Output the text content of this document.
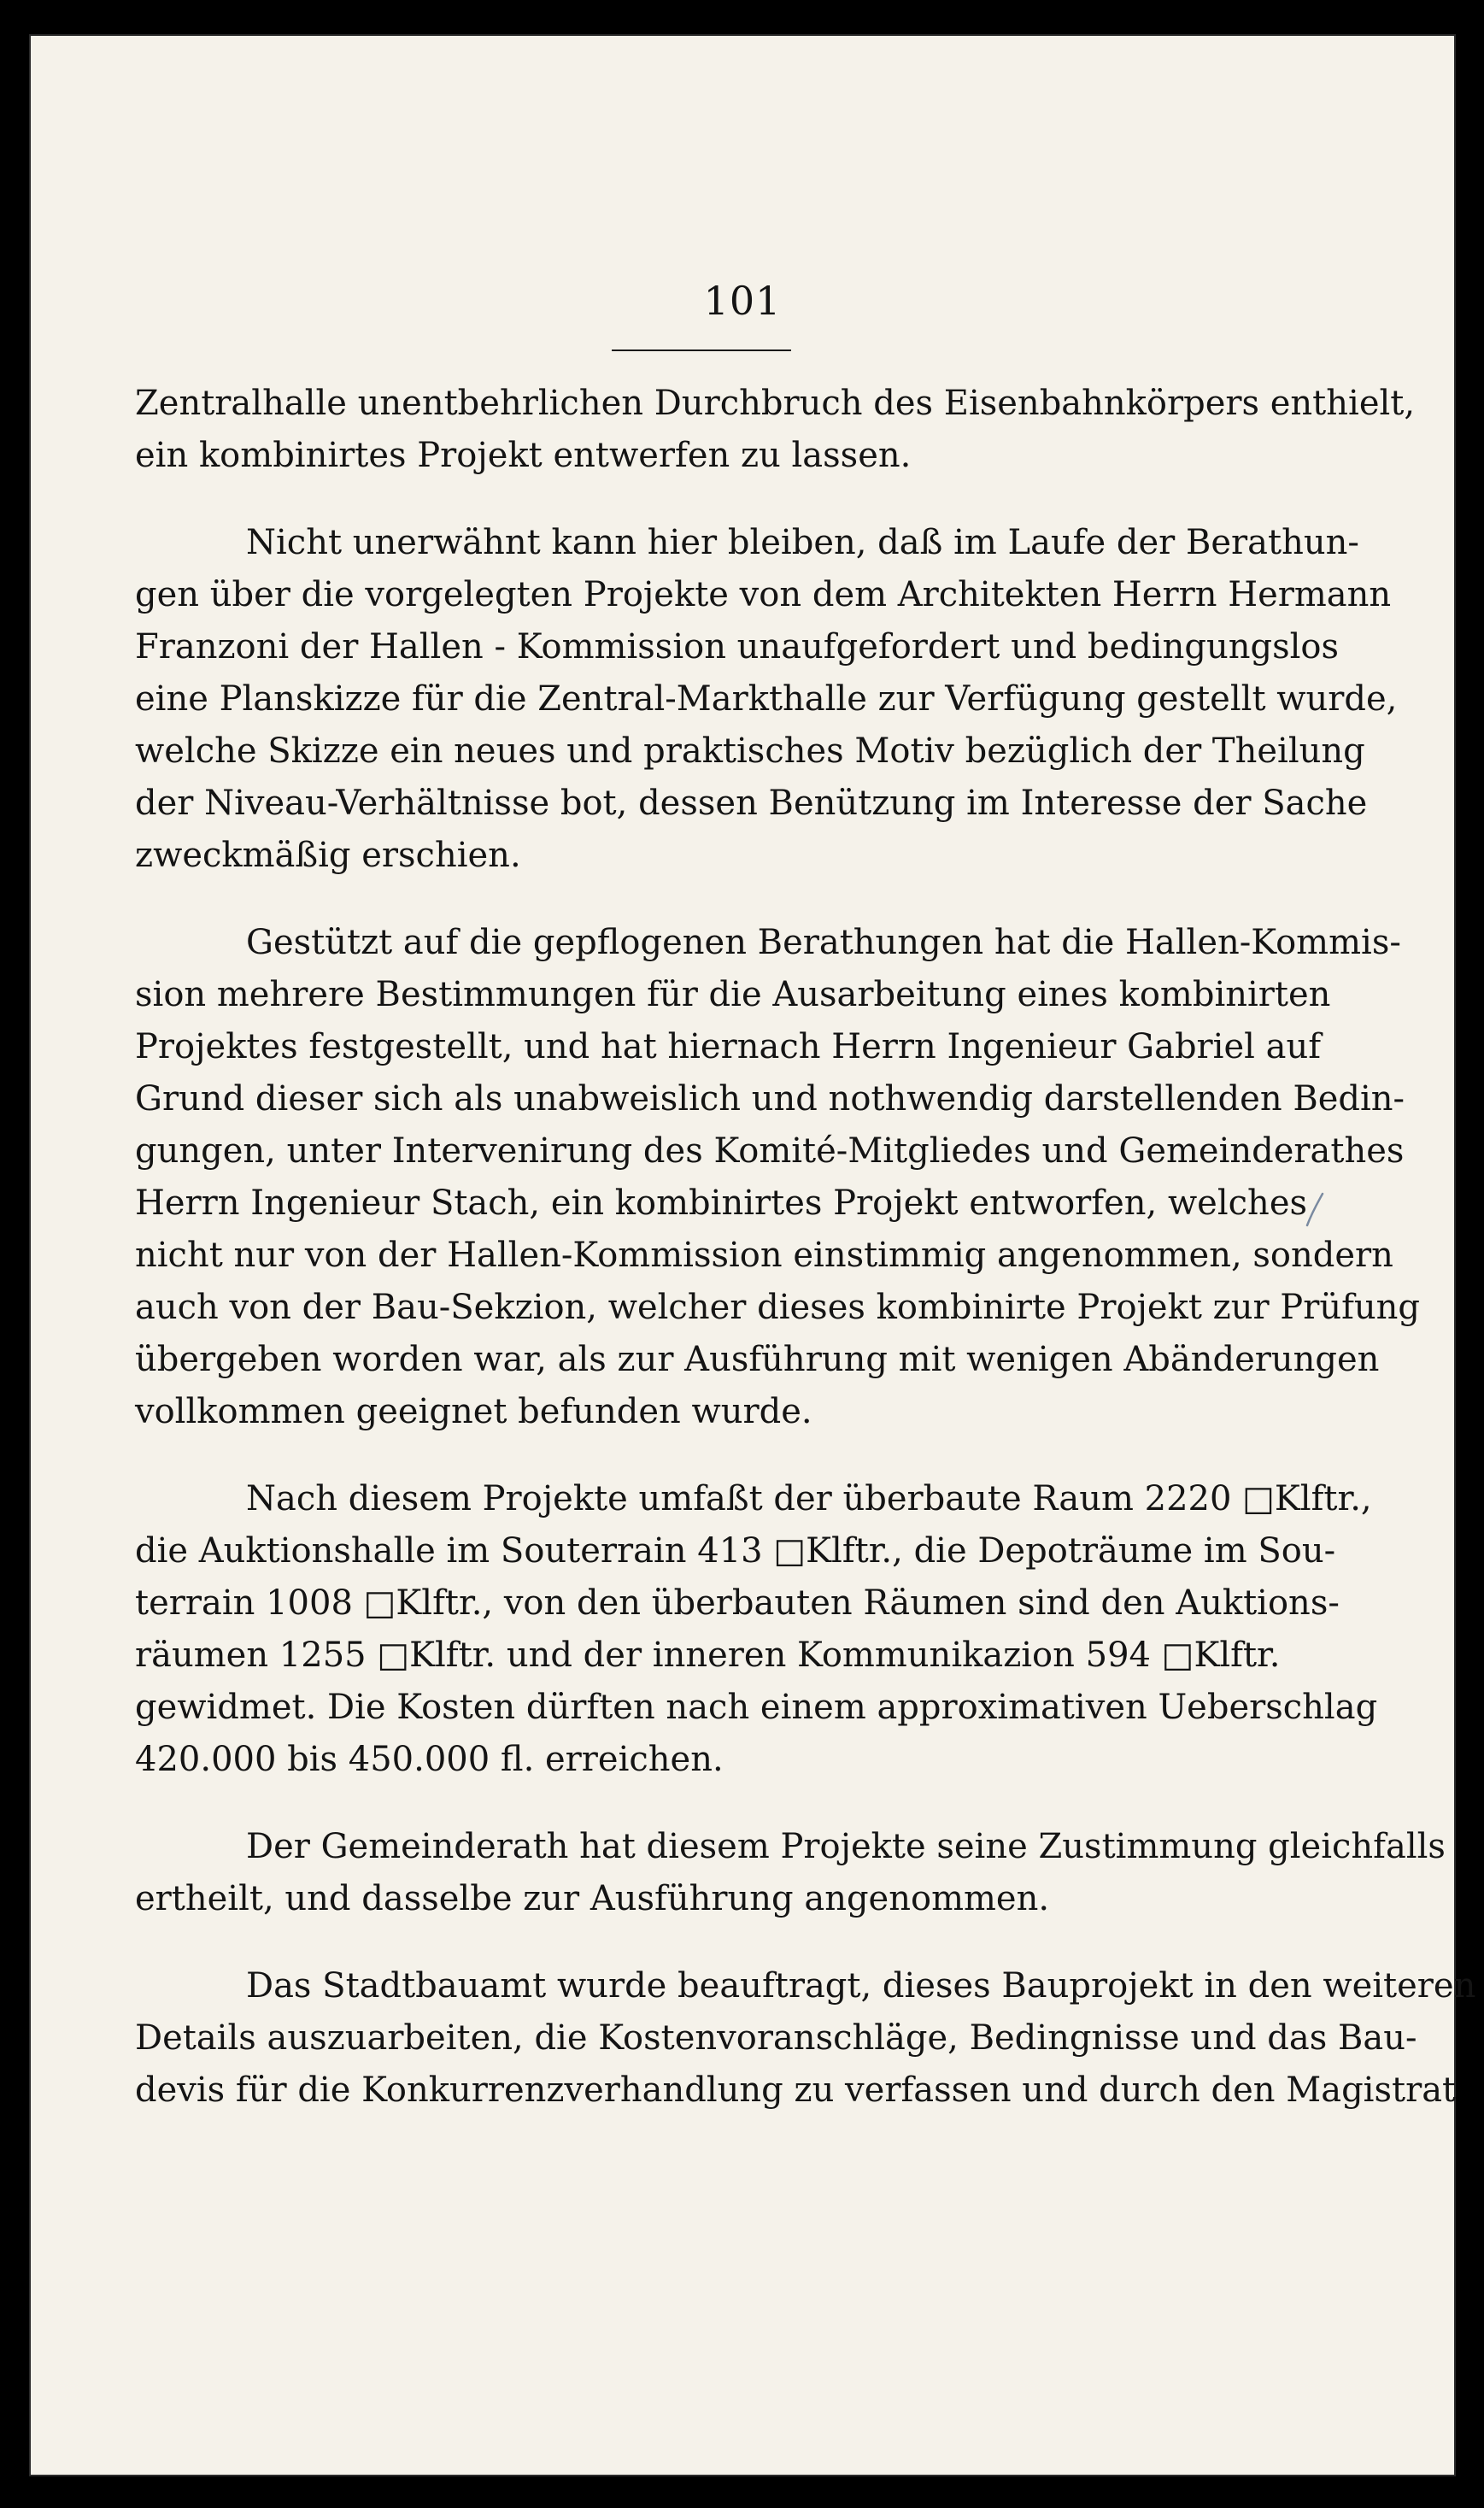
101
Zentralhalle unentbehrlichen Durchbruch des Eisenbahnkörpers enthielt,
ein kombinirtes Projekt entwerfen zu lassen.
Nicht unerwähnt kann hier bleiben, daß im Laufe der Berathun-
gen über die vorgelegten Projekte von dem Architekten Herrn Hermann
Franzoni der Hallen - Kommission unaufgefordert und bedingungslos
eine Planskizze für die Zentral-Markthalle zur Verfügung gestellt wurde,
welche Skizze ein neues und praktisches Motiv bezüglich der Theilung
der Niveau-Verhältnisse bot, dessen Benützung im Interesse der Sache
zweckmäßig erschien.
Gestützt auf die gepflogenen Berathungen hat die Hallen-Kommis-
sion mehrere Bestimmungen für die Ausarbeitung eines kombinirten
Projektes festgestellt, und hat hiernach Herrn Ingenieur Gabriel auf
Grund dieser sich als unabweislich und nothwendig darstellenden Bedin-
gungen, unter Intervenirung des Komité-Mitgliedes und Gemeinderathes
Herrn Ingenieur Stach, ein kombinirtes Projekt entworfen, welches
nicht nur von der Hallen-Kommission einstimmig angenommen, sondern
auch von der Bau-Sekzion, welcher dieses kombinirte Projekt zur Prüfung
übergeben worden war, als zur Ausführung mit wenigen Abänderungen
vollkommen geeignet befunden wurde.
Nach diesem Projekte umfaßt der überbaute Raum 2220 □Klftr.,
die Auktionshalle im Souterrain 413 □Klftr., die Depoträume im Sou-
terrain 1008 □Klftr., von den überbauten Räumen sind den Auktions-
räumen 1255 □Klftr. und der inneren Kommunikazion 594 □Klftr.
gewidmet. Die Kosten dürften nach einem approximativen Ueberschlag
420.000 bis 450.000 fl. erreichen.
Der Gemeinderath hat diesem Projekte seine Zustimmung gleichfalls
ertheilt, und dasselbe zur Ausführung angenommen.
Das Stadtbauamt wurde beauftragt, dieses Bauprojekt in den weiteren
Details auszuarbeiten, die Kostenvoranschläge, Bedingnisse und das Bau-
devis für die Konkurrenzverhandlung zu verfassen und durch den Magistrat
